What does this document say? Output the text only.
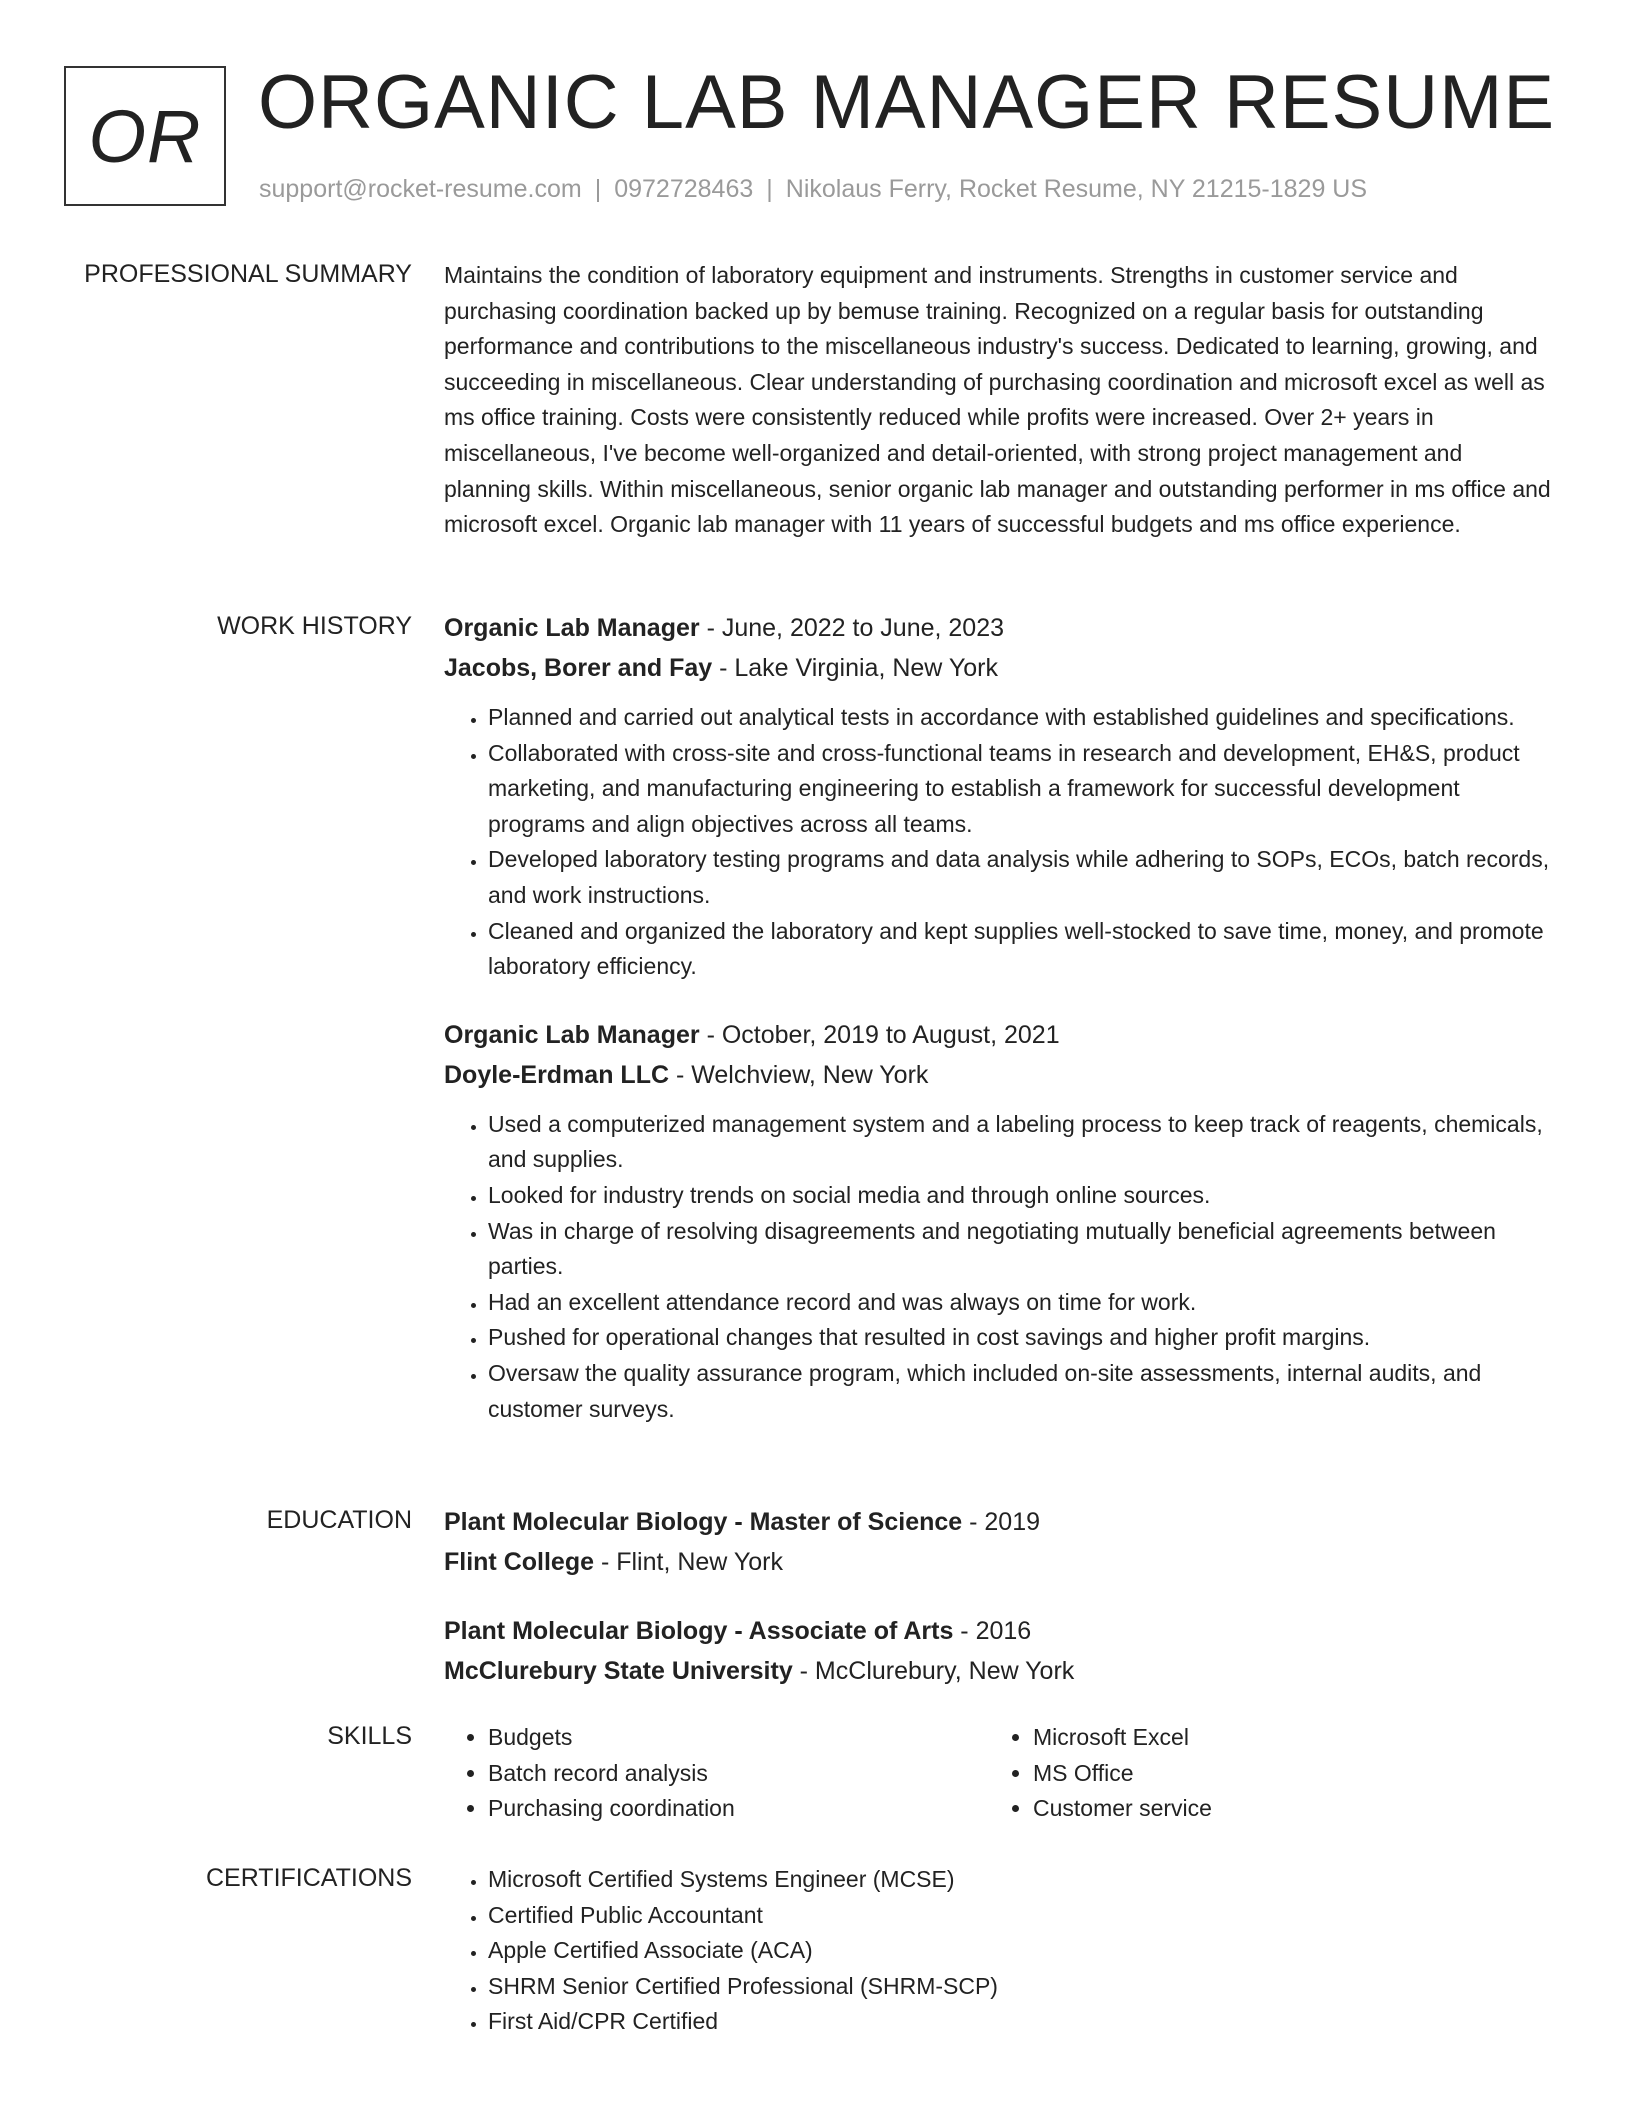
OR ORGANIC LAB MANAGER RESUME
support@rocket-resume.com | 0972728463 | Nikolaus Ferry, Rocket Resume, NY 21215-1829 US
PROFESSIONAL SUMMARY Maintains the condition of laboratory equipment and instruments. Strengths in customer service and purchasing coordination backed up by bemuse training. Recognized on a regular basis for outstanding performance and contributions to the miscellaneous industry's success. Dedicated to learning, growing, and succeeding in miscellaneous. Clear understanding of purchasing coordination and microsoft excel as well as ms office training. Costs were consistently reduced while profits were increased. Over 2+ years in miscellaneous, I've become well-organized and detail-oriented, with strong project management and planning skills. Within miscellaneous, senior organic lab manager and outstanding performer in ms office and microsoft excel. Organic lab manager with 11 years of successful budgets and ms office experience.

WORK HISTORY Organic Lab Manager - June, 2022 to June, 2023

Jacobs, Borer and Fay - Lake Virginia, New York

• Planned and carried out analytical tests in accordance with established guidelines and specifications.
• Collaborated with cross-site and cross-functional teams in research and development, EH&S, product marketing, and manufacturing engineering to establish a framework for successful development programs and align objectives across all teams.
• Developed laboratory testing programs and data analysis while adhering to SOPs, ECOs, batch records, and work instructions.
• Cleaned and organized the laboratory and kept supplies well-stocked to save time, money, and promote laboratory efficiency.

Organic Lab Manager - October, 2019 to August, 2021

Doyle-Erdman LLC - Welchview, New York

• Used a computerized management system and a labeling process to keep track of reagents, chemicals, and supplies.
• Looked for industry trends on social media and through online sources.
• Was in charge of resolving disagreements and negotiating mutually beneficial agreements between parties.
• Had an excellent attendance record and was always on time for work.
• Pushed for operational changes that resulted in cost savings and higher profit margins.
• Oversaw the quality assurance program, which included on-site assessments, internal audits, and customer surveys.
EDUCATION Plant Molecular Biology - Master of Science - 2019

Flint College - Flint, New York

Plant Molecular Biology - Associate of Arts - 2016

McClurebury State University - McClurebury, New York

SKILLS	• Budgets
• Batch record analysis
• Purchasing coordination
• Microsoft Excel
• MS Office
• Customer service
CERTIFICATIONS	• Microsoft Certified Systems Engineer (MCSE)
• Certified Public Accountant
• Apple Certified Associate (ACA)
• SHRM Senior Certified Professional (SHRM-SCP)
• First Aid/CPR Certified
